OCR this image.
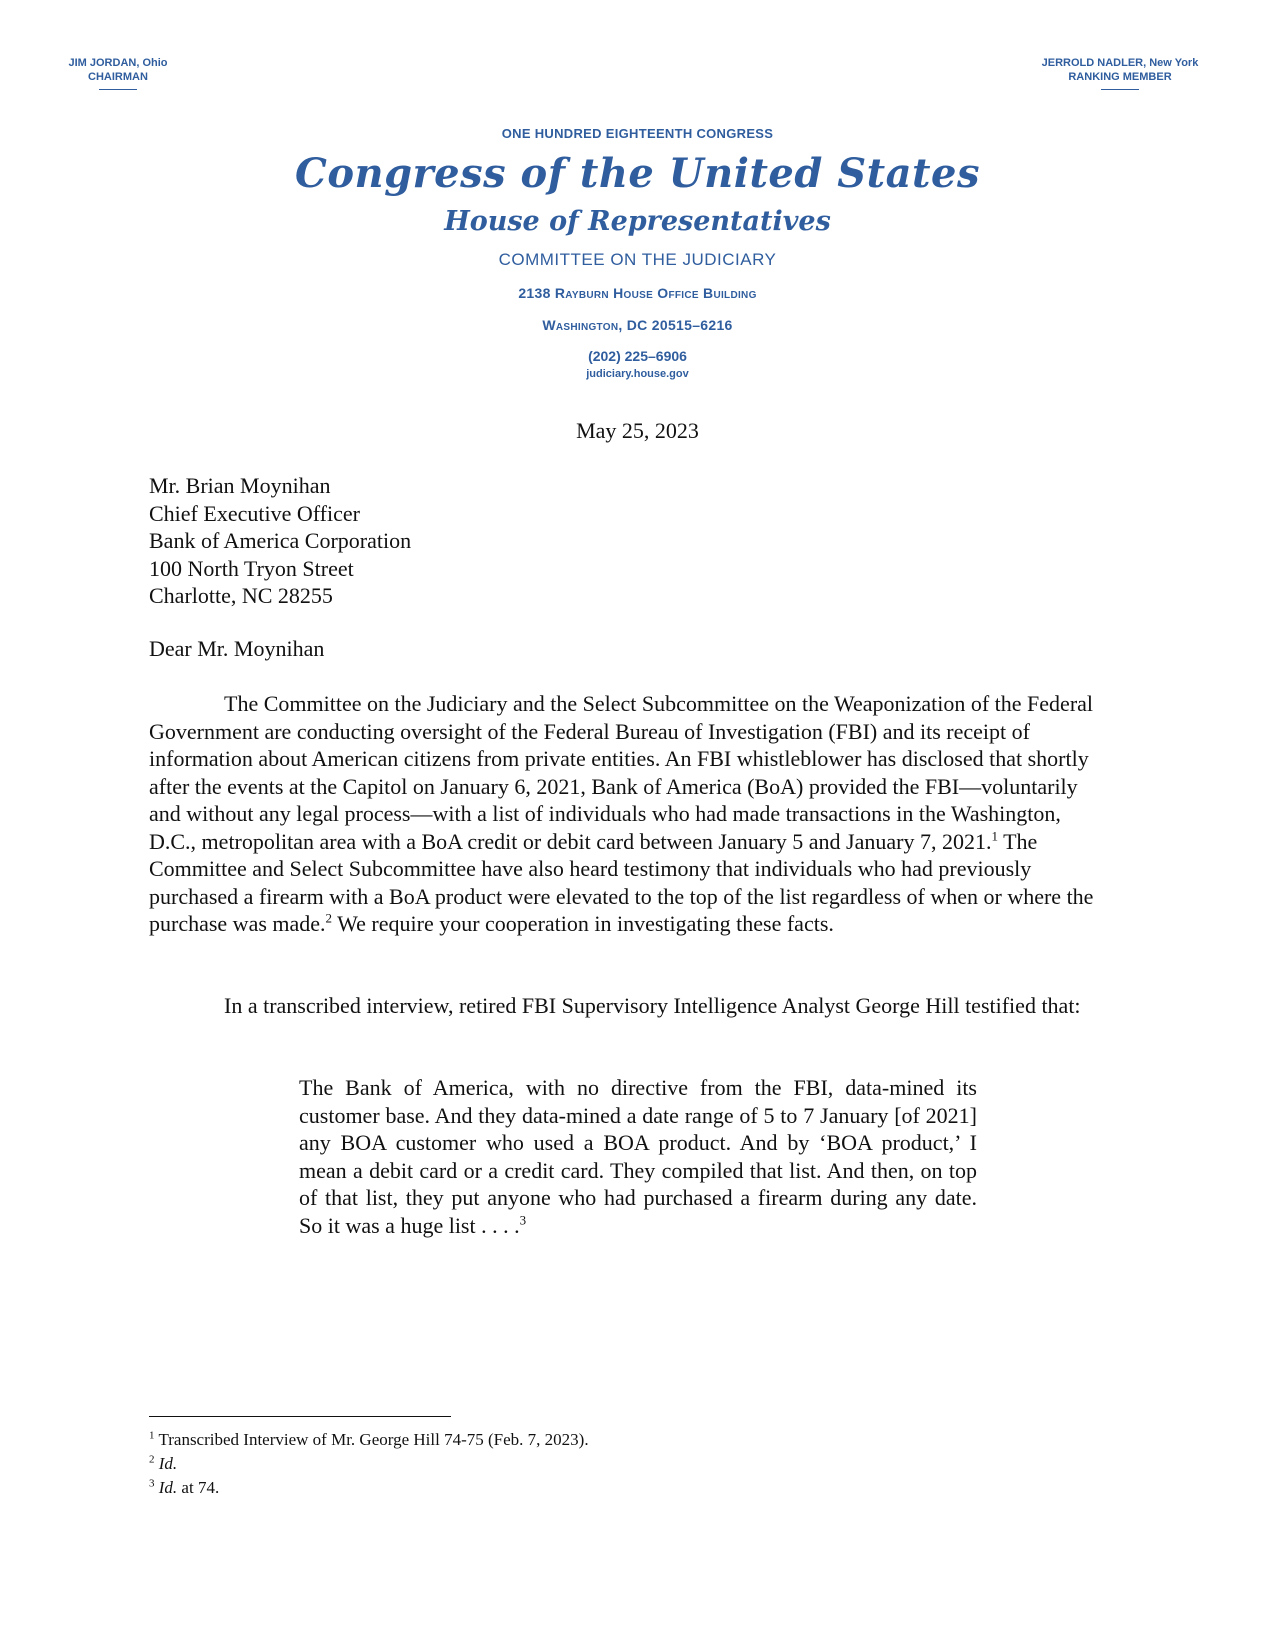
JIM JORDAN, Ohio
CHAIRMAN
JERROLD NADLER, New York
RANKING MEMBER
ONE HUNDRED EIGHTEENTH CONGRESS
Congress of the United States
House of Representatives
COMMITTEE ON THE JUDICIARY
2138 Rayburn House Office Building
Washington, DC 20515–6216
(202) 225–6906
judiciary.house.gov
May 25, 2023
Mr. Brian Moynihan
Chief Executive Officer
Bank of America Corporation
100 North Tryon Street
Charlotte, NC 28255
Dear Mr. Moynihan
The Committee on the Judiciary and the Select Subcommittee on the Weaponization of the Federal Government are conducting oversight of the Federal Bureau of Investigation (FBI) and its receipt of information about American citizens from private entities. An FBI whistleblower has disclosed that shortly after the events at the Capitol on January 6, 2021, Bank of America (BoA) provided the FBI—voluntarily and without any legal process—with a list of individuals who had made transactions in the Washington, D.C., metropolitan area with a BoA credit or debit card between January 5 and January 7, 2021.$^1$ The Committee and Select Subcommittee have also heard testimony that individuals who had previously purchased a firearm with a BoA product were elevated to the top of the list regardless of when or where the purchase was made.$^2$ We require your cooperation in investigating these facts.
In a transcribed interview, retired FBI Supervisory Intelligence Analyst George Hill testified that:
The Bank of America, with no directive from the FBI, data-mined its customer base. And they data-mined a date range of 5 to 7 January [of 2021] any BOA customer who used a BOA product. And by ‘BOA product,’ I mean a debit card or a credit card. They compiled that list. And then, on top of that list, they put anyone who had purchased a firearm during any date. So it was a huge list . . . .$^3$
$^1$ Transcribed Interview of Mr. George Hill 74-75 (Feb. 7, 2023).
$^2$ Id.
$^3$ Id. at 74.
